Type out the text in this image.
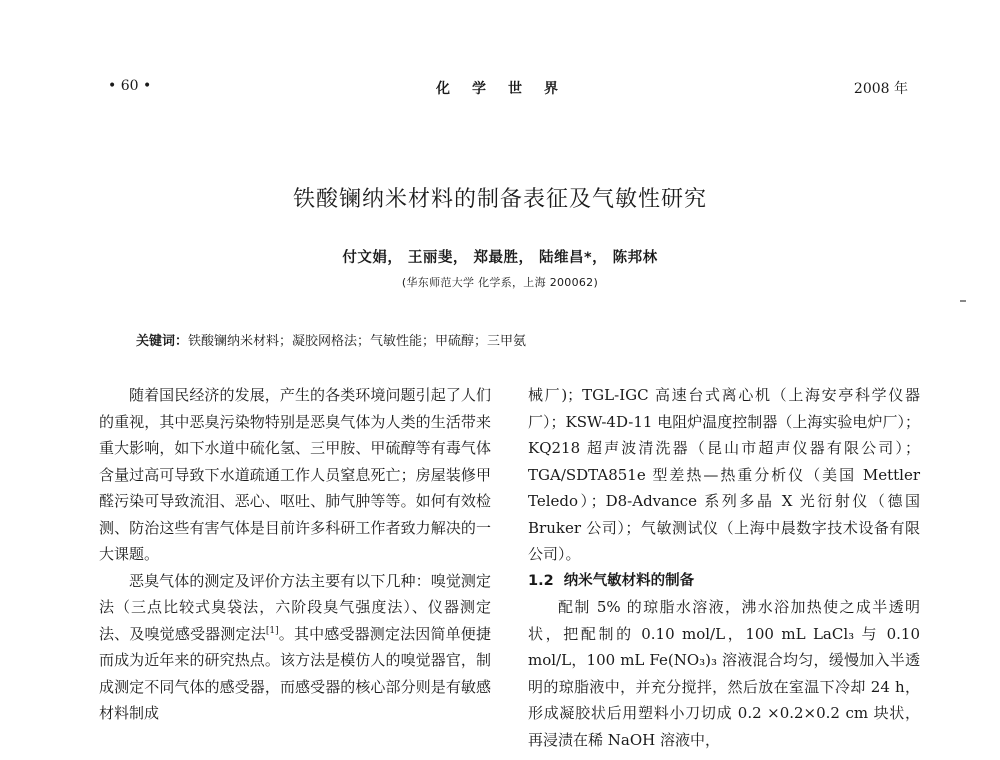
• 60 •	化学世界	2008 年
铁酸镧纳米材料的制备表征及气敏性研究
付文娟， 王丽斐， 郑最胜， 陆维昌*， 陈邦林
(华东师范大学 化学系，上海 200062)
关键词：铁酸镧纳米材料；凝胶网格法；气敏性能；甲硫醇；三甲氨

随着国民经济的发展，产生的各类环境问题引起了人们的重视，其中恶臭污染物特别是恶臭气体为人类的生活带来重大影响，如下水道中硫化氢、三甲胺、甲硫醇等有毒气体含量过高可导致下水道疏通工作人员窒息死亡；房屋装修甲醛污染可导致流泪、恶心、呕吐、肺气肿等等。如何有效检测、防治这些有害气体是目前许多科研工作者致力解决的一大课题。

恶臭气体的测定及评价方法主要有以下几种：嗅觉测定法（三点比较式臭袋法，六阶段臭气强度法）、仪器测定法、及嗅觉感受器测定法[1]。其中感受器测定法因简单便捷而成为近年来的研究热点。该方法是模仿人的嗅觉器官，制成测定不同气体的感受器，而感受器的核心部分则是有敏感材料制成

械厂)；TGL-IGC 高速台式离心机（上海安亭科学仪器厂）；KSW-4D-11 电阻炉温度控制器（上海实验电炉厂）；KQ218 超声波清洗器（昆山市超声仪器有限公司）；TGA/SDTA851e 型差热—热重分析仪（美国 Mettler Teledo）；D8-Advance 系列多晶 X 光衍射仪（德国 Bruker 公司）；气敏测试仪（上海中晨数字技术设备有限公司）。

1.2 纳米气敏材料的制备

配制 5% 的琼脂水溶液，沸水浴加热使之成半透明状，把配制的 0.10 mol/L，100 mL LaCl₃ 与 0.10 mol/L，100 mL Fe(NO₃)₃ 溶液混合均匀，缓慢加入半透明的琼脂液中，并充分搅拌，然后放在室温下冷却 24 h，形成凝胶状后用塑料小刀切成 0.2 ×0.2×0.2 cm 块状，再浸渍在稀 NaOH 溶液中，
